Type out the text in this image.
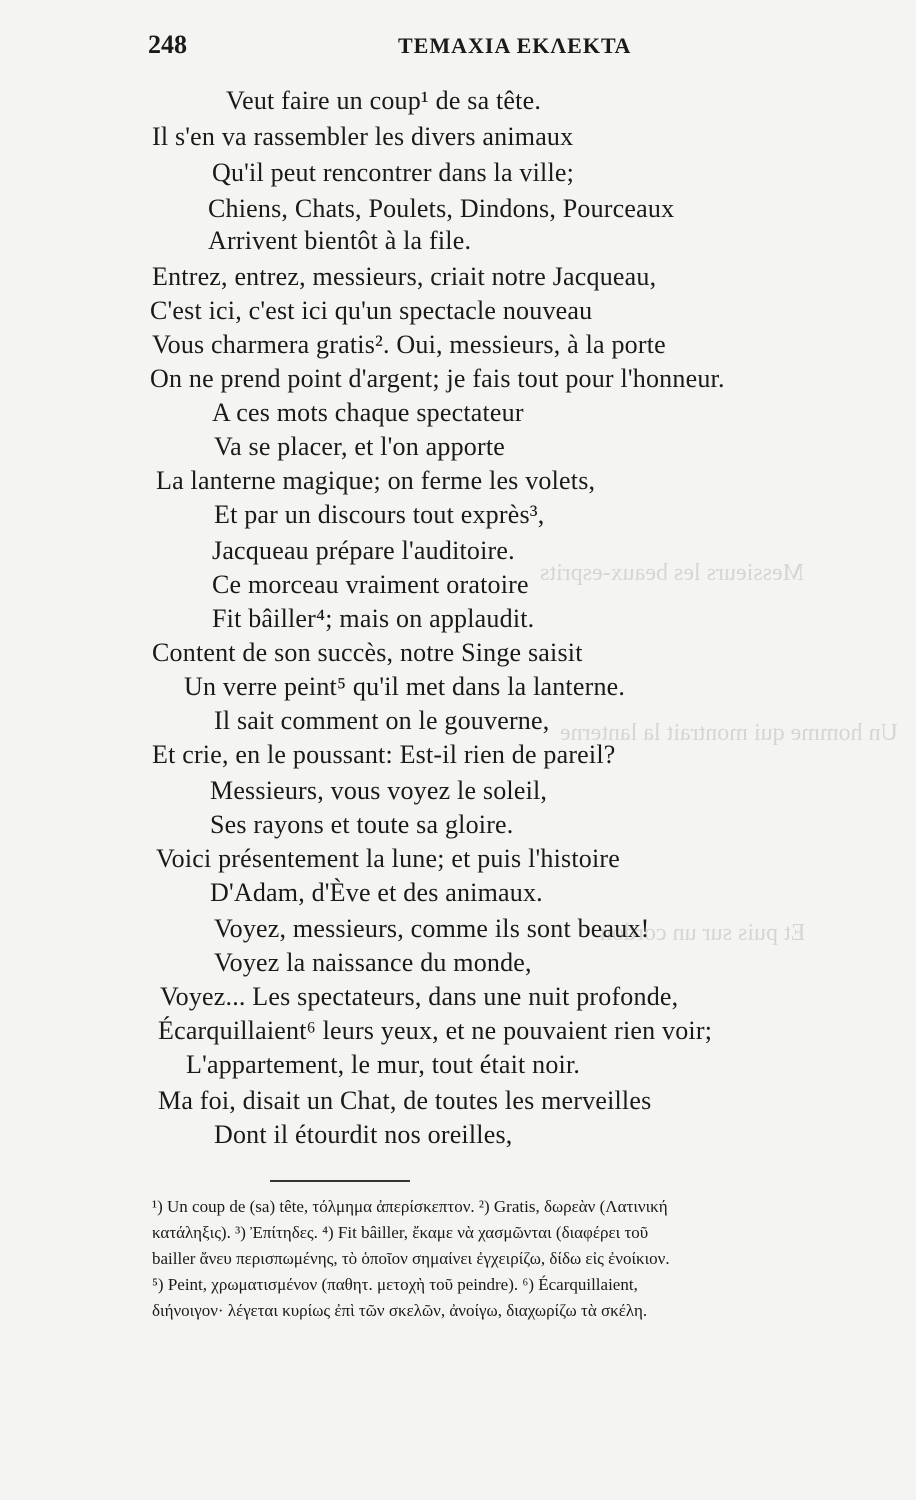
Messieurs les beaux-esprits
Un homme qui montrait la lanterne
Et puis sur un cordon
248	ΤΕΜΑΧΙΑ ΕΚΛΕΚΤΑ
Veut faire un coup¹ de sa tête.
Il s'en va rassembler les divers animaux
Qu'il peut rencontrer dans la ville;
Chiens, Chats, Poulets, Dindons, Pourceaux
Arrivent bientôt à la file.
Entrez, entrez, messieurs, criait notre Jacqueau,
C'est ici, c'est ici qu'un spectacle nouveau
Vous charmera gratis². Oui, messieurs, à la porte
On ne prend point d'argent; je fais tout pour l'honneur.
A ces mots chaque spectateur
Va se placer, et l'on apporte
La lanterne magique; on ferme les volets,
Et par un discours tout exprès³,
Jacqueau prépare l'auditoire.
Ce morceau vraiment oratoire
Fit bâiller⁴; mais on applaudit.
Content de son succès, notre Singe saisit
Un verre peint⁵ qu'il met dans la lanterne.
Il sait comment on le gouverne,
Et crie, en le poussant: Est-il rien de pareil?
Messieurs, vous voyez le soleil,
Ses rayons et toute sa gloire.
Voici présentement la lune; et puis l'histoire
D'Adam, d'Ève et des animaux.
Voyez, messieurs, comme ils sont beaux!
Voyez la naissance du monde,
Voyez... Les spectateurs, dans une nuit profonde,
Écarquillaient⁶ leurs yeux, et ne pouvaient rien voir;
L'appartement, le mur, tout était noir.
Ma foi, disait un Chat, de toutes les merveilles
Dont il étourdit nos oreilles,
¹) Un coup de (sa) tête, τόλμημα ἀπερίσκεπτον. ²) Gratis, δωρεὰν (Λατινική
κατάληξις). ³) Ἐπίτηδες. ⁴) Fit bâiller, ἔκαμε νὰ χασμῶνται (διαφέρει τοῦ
bailler ἄνευ περισπωμένης, τὸ ὁποῖον σημαίνει ἐγχειρίζω, δίδω εἰς ἐνοίκιον.
⁵) Peint, χρωματισμένον (παθητ. μετοχὴ τοῦ peindre). ⁶) Écarquillaient,
διήνοιγον· λέγεται κυρίως ἐπὶ τῶν σκελῶν, ἀνοίγω, διαχωρίζω τὰ σκέλη.
